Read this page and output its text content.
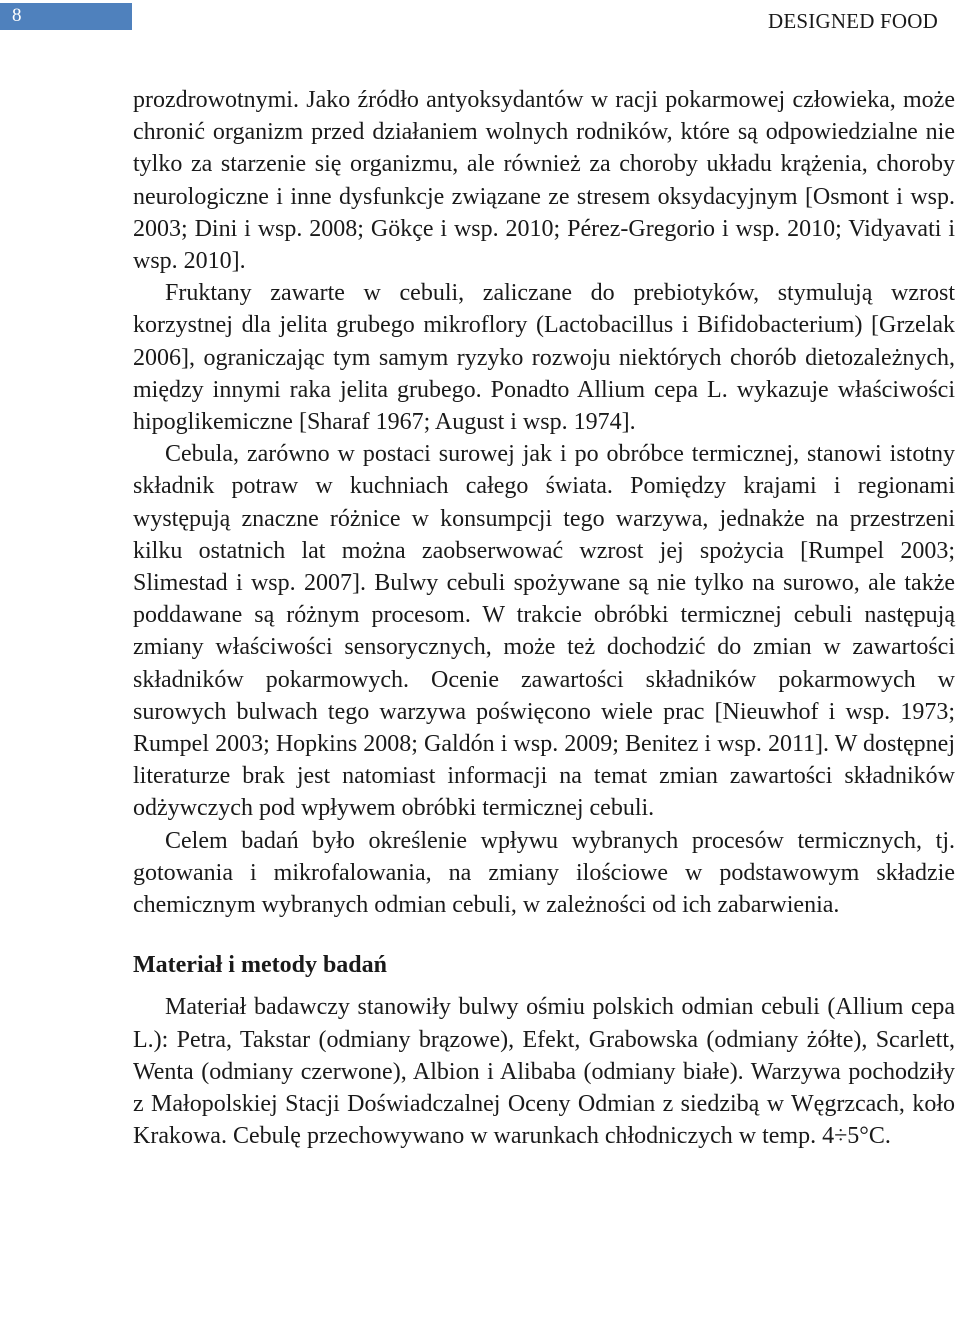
8	DESIGNED FOOD

prozdrowotnymi. Jako źródło antyoksydantów w racji pokarmowej człowieka, może chronić organizm przed działaniem wolnych rodników, które są odpowiedzialne nie tylko za starzenie się organizmu, ale również za choroby układu krążenia, choroby neurologiczne i inne dysfunkcje związane ze stresem oksydacyjnym [Osmont i wsp. 2003; Dini i wsp. 2008; Gökçe i wsp. 2010; Pérez-Gregorio i wsp. 2010; Vidyavati i wsp. 2010].

Fruktany zawarte w cebuli, zaliczane do prebiotyków, stymulują wzrost korzystnej dla jelita grubego mikroflory (Lactobacillus i Bifidobacterium) [Grzelak 2006], ograniczając tym samym ryzyko rozwoju niektórych chorób dietozależnych, między innymi raka jelita grubego. Ponadto Allium cepa L. wykazuje właściwości hipoglikemiczne [Sharaf 1967; August i wsp. 1974].

Cebula, zarówno w postaci surowej jak i po obróbce termicznej, stanowi istotny składnik potraw w kuchniach całego świata. Pomiędzy krajami i regionami występują znaczne różnice w konsumpcji tego warzywa, jednakże na przestrzeni kilku ostatnich lat można zaobserwować wzrost jej spożycia [Rumpel 2003; Slimestad i wsp. 2007]. Bulwy cebuli spożywane są nie tylko na surowo, ale także poddawane są różnym procesom. W trakcie obróbki termicznej cebuli następują zmiany właściwości sensorycznych, może też dochodzić do zmian w zawartości składników pokarmowych. Ocenie zawartości składników pokarmowych w surowych bulwach tego warzywa poświęcono wiele prac [Nieuwhof i wsp. 1973; Rumpel 2003; Hopkins 2008; Galdón i wsp. 2009; Benitez i wsp. 2011]. W dostępnej literaturze brak jest natomiast informacji na temat zmian zawartości składników odżywczych pod wpływem obróbki termicznej cebuli.

Celem badań było określenie wpływu wybranych procesów termicznych, tj. gotowania i mikrofalowania, na zmiany ilościowe w podstawowym składzie chemicznym wybranych odmian cebuli, w zależności od ich zabarwienia.

Materiał i metody badań

Materiał badawczy stanowiły bulwy ośmiu polskich odmian cebuli (Allium cepa L.): Petra, Takstar (odmiany brązowe), Efekt, Grabowska (odmiany żółte), Scarlett, Wenta (odmiany czerwone), Albion i Alibaba (odmiany białe). Warzywa pochodziły z Małopolskiej Stacji Doświadczalnej Oceny Odmian z siedzibą w Węgrzcach, koło Krakowa. Cebulę przechowywano w warunkach chłodniczych w temp. 4÷5°C.
